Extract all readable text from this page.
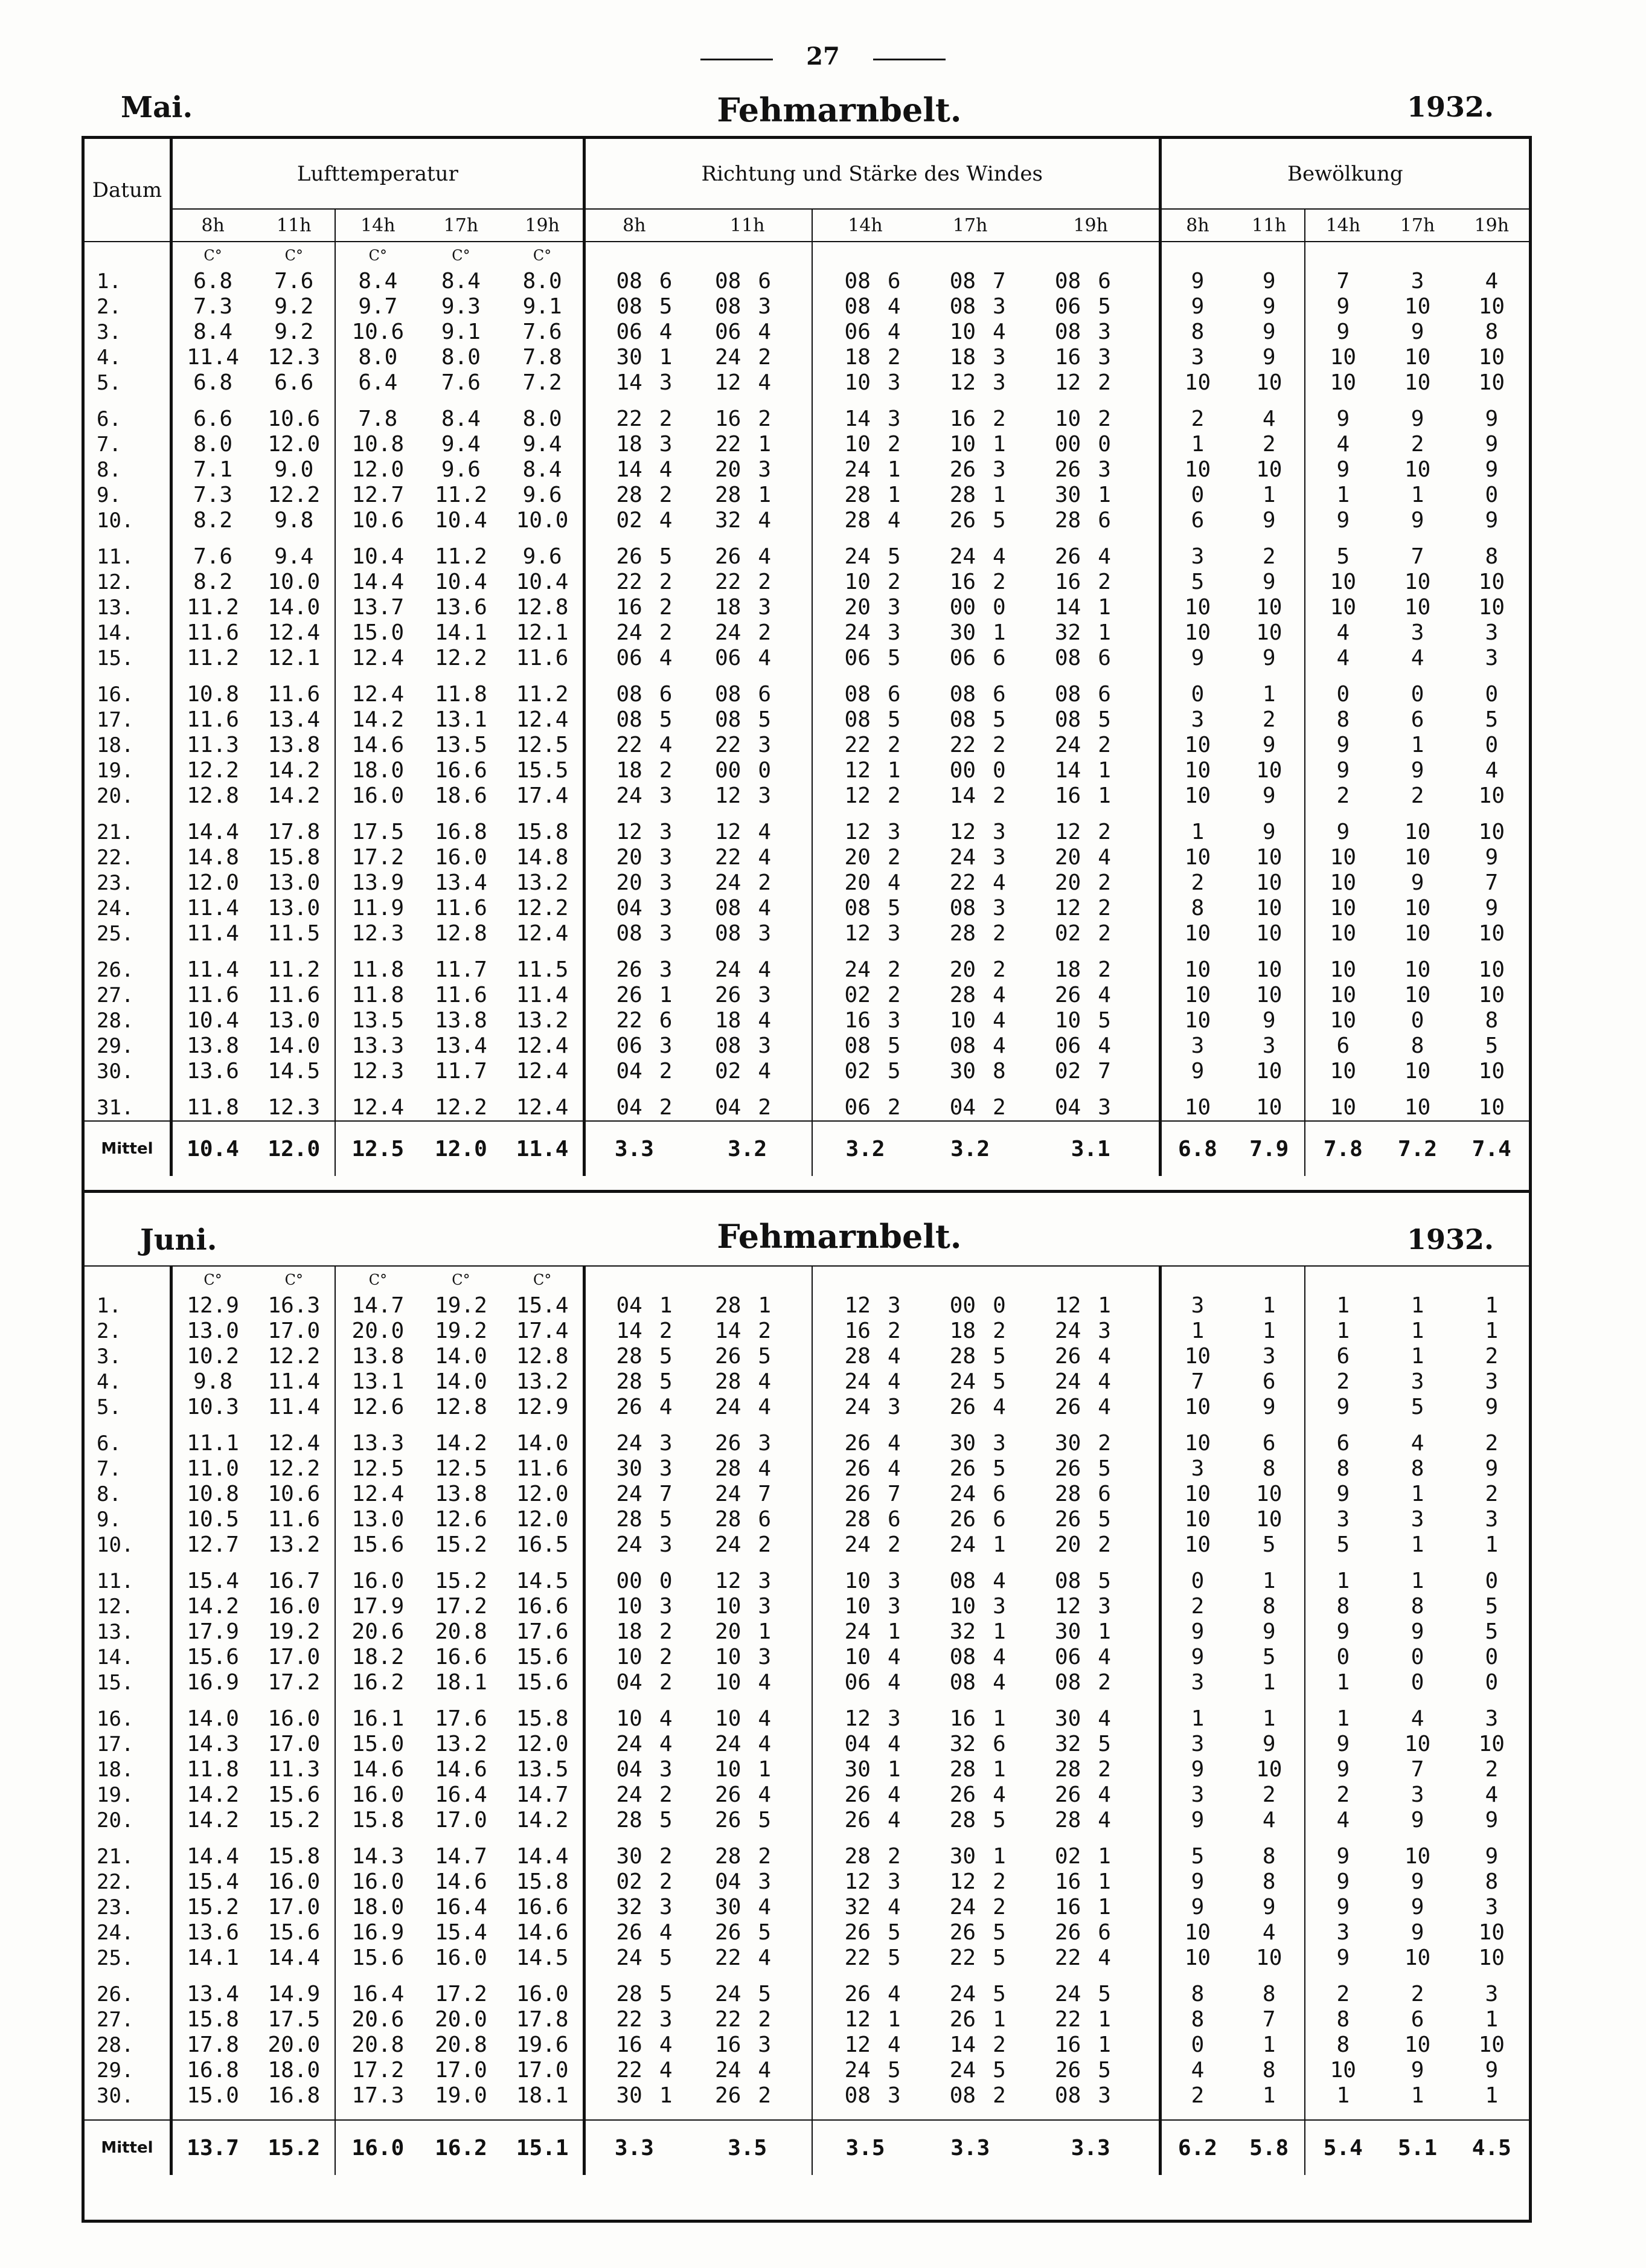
27
Mai.	Fehmarnbelt.	1932.
Datum	Lufttemperatur					Richtung und Stärke des Windes										Bewölkung				
	8h	11h	14h	17h	19h	8h		11h		14h		17h		19h		8h	11h	14h	17h	19h
	C°	C°	C°	C°	C°															
1.	6.8	7.6	8.4	8.4	8.0	08	6	08	6	08	6	08	7	08	6	9	9	7	3	4
2.	7.3	9.2	9.7	9.3	9.1	08	5	08	3	08	4	08	3	06	5	9	9	9	10	10
3.	8.4	9.2	10.6	9.1	7.6	06	4	06	4	06	4	10	4	08	3	8	9	9	9	8
4.	11.4	12.3	8.0	8.0	7.8	30	1	24	2	18	2	18	3	16	3	3	9	10	10	10
5.	6.8	6.6	6.4	7.6	7.2	14	3	12	4	10	3	12	3	12	2	10	10	10	10	10
6.	6.6	10.6	7.8	8.4	8.0	22	2	16	2	14	3	16	2	10	2	2	4	9	9	9
7.	8.0	12.0	10.8	9.4	9.4	18	3	22	1	10	2	10	1	00	0	1	2	4	2	9
8.	7.1	9.0	12.0	9.6	8.4	14	4	20	3	24	1	26	3	26	3	10	10	9	10	9
9.	7.3	12.2	12.7	11.2	9.6	28	2	28	1	28	1	28	1	30	1	0	1	1	1	0
10.	8.2	9.8	10.6	10.4	10.0	02	4	32	4	28	4	26	5	28	6	6	9	9	9	9
11.	7.6	9.4	10.4	11.2	9.6	26	5	26	4	24	5	24	4	26	4	3	2	5	7	8
12.	8.2	10.0	14.4	10.4	10.4	22	2	22	2	10	2	16	2	16	2	5	9	10	10	10
13.	11.2	14.0	13.7	13.6	12.8	16	2	18	3	20	3	00	0	14	1	10	10	10	10	10
14.	11.6	12.4	15.0	14.1	12.1	24	2	24	2	24	3	30	1	32	1	10	10	4	3	3
15.	11.2	12.1	12.4	12.2	11.6	06	4	06	4	06	5	06	6	08	6	9	9	4	4	3
16.	10.8	11.6	12.4	11.8	11.2	08	6	08	6	08	6	08	6	08	6	0	1	0	0	0
17.	11.6	13.4	14.2	13.1	12.4	08	5	08	5	08	5	08	5	08	5	3	2	8	6	5
18.	11.3	13.8	14.6	13.5	12.5	22	4	22	3	22	2	22	2	24	2	10	9	9	1	0
19.	12.2	14.2	18.0	16.6	15.5	18	2	00	0	12	1	00	0	14	1	10	10	9	9	4
20.	12.8	14.2	16.0	18.6	17.4	24	3	12	3	12	2	14	2	16	1	10	9	2	2	10
21.	14.4	17.8	17.5	16.8	15.8	12	3	12	4	12	3	12	3	12	2	1	9	9	10	10
22.	14.8	15.8	17.2	16.0	14.8	20	3	22	4	20	2	24	3	20	4	10	10	10	10	9
23.	12.0	13.0	13.9	13.4	13.2	20	3	24	2	20	4	22	4	20	2	2	10	10	9	7
24.	11.4	13.0	11.9	11.6	12.2	04	3	08	4	08	5	08	3	12	2	8	10	10	10	9
25.	11.4	11.5	12.3	12.8	12.4	08	3	08	3	12	3	28	2	02	2	10	10	10	10	10
26.	11.4	11.2	11.8	11.7	11.5	26	3	24	4	24	2	20	2	18	2	10	10	10	10	10
27.	11.6	11.6	11.8	11.6	11.4	26	1	26	3	02	2	28	4	26	4	10	10	10	10	10
28.	10.4	13.0	13.5	13.8	13.2	22	6	18	4	16	3	10	4	10	5	10	9	10	0	8
29.	13.8	14.0	13.3	13.4	12.4	06	3	08	3	08	5	08	4	06	4	3	3	6	8	5
30.	13.6	14.5	12.3	11.7	12.4	04	2	02	4	02	5	30	8	02	7	9	10	10	10	10
31.	11.8	12.3	12.4	12.2	12.4	04	2	04	2	06	2	04	2	04	3	10	10	10	10	10
Mittel	10.4	12.0	12.5	12.0	11.4	3.3		3.2		3.2		3.2		3.1		6.8	7.9	7.8	7.2	7.4
Juni.	Fehmarnbelt.	1932.
	C°	C°	C°	C°	C°															
1.	12.9	16.3	14.7	19.2	15.4	04	1	28	1	12	3	00	0	12	1	3	1	1	1	1
2.	13.0	17.0	20.0	19.2	17.4	14	2	14	2	16	2	18	2	24	3	1	1	1	1	1
3.	10.2	12.2	13.8	14.0	12.8	28	5	26	5	28	4	28	5	26	4	10	3	6	1	2
4.	9.8	11.4	13.1	14.0	13.2	28	5	28	4	24	4	24	5	24	4	7	6	2	3	3
5.	10.3	11.4	12.6	12.8	12.9	26	4	24	4	24	3	26	4	26	4	10	9	9	5	9
6.	11.1	12.4	13.3	14.2	14.0	24	3	26	3	26	4	30	3	30	2	10	6	6	4	2
7.	11.0	12.2	12.5	12.5	11.6	30	3	28	4	26	4	26	5	26	5	3	8	8	8	9
8.	10.8	10.6	12.4	13.8	12.0	24	7	24	7	26	7	24	6	28	6	10	10	9	1	2
9.	10.5	11.6	13.0	12.6	12.0	28	5	28	6	28	6	26	6	26	5	10	10	3	3	3
10.	12.7	13.2	15.6	15.2	16.5	24	3	24	2	24	2	24	1	20	2	10	5	5	1	1
11.	15.4	16.7	16.0	15.2	14.5	00	0	12	3	10	3	08	4	08	5	0	1	1	1	0
12.	14.2	16.0	17.9	17.2	16.6	10	3	10	3	10	3	10	3	12	3	2	8	8	8	5
13.	17.9	19.2	20.6	20.8	17.6	18	2	20	1	24	1	32	1	30	1	9	9	9	9	5
14.	15.6	17.0	18.2	16.6	15.6	10	2	10	3	10	4	08	4	06	4	9	5	0	0	0
15.	16.9	17.2	16.2	18.1	15.6	04	2	10	4	06	4	08	4	08	2	3	1	1	0	0
16.	14.0	16.0	16.1	17.6	15.8	10	4	10	4	12	3	16	1	30	4	1	1	1	4	3
17.	14.3	17.0	15.0	13.2	12.0	24	4	24	4	04	4	32	6	32	5	3	9	9	10	10
18.	11.8	11.3	14.6	14.6	13.5	04	3	10	1	30	1	28	1	28	2	9	10	9	7	2
19.	14.2	15.6	16.0	16.4	14.7	24	2	26	4	26	4	26	4	26	4	3	2	2	3	4
20.	14.2	15.2	15.8	17.0	14.2	28	5	26	5	26	4	28	5	28	4	9	4	4	9	9
21.	14.4	15.8	14.3	14.7	14.4	30	2	28	2	28	2	30	1	02	1	5	8	9	10	9
22.	15.4	16.0	16.0	14.6	15.8	02	2	04	3	12	3	12	2	16	1	9	8	9	9	8
23.	15.2	17.0	18.0	16.4	16.6	32	3	30	4	32	4	24	2	16	1	9	9	9	9	3
24.	13.6	15.6	16.9	15.4	14.6	26	4	26	5	26	5	26	5	26	6	10	4	3	9	10
25.	14.1	14.4	15.6	16.0	14.5	24	5	22	4	22	5	22	5	22	4	10	10	9	10	10
26.	13.4	14.9	16.4	17.2	16.0	28	5	24	5	26	4	24	5	24	5	8	8	2	2	3
27.	15.8	17.5	20.6	20.0	17.8	22	3	22	2	12	1	26	1	22	1	8	7	8	6	1
28.	17.8	20.0	20.8	20.8	19.6	16	4	16	3	12	4	14	2	16	1	0	1	8	10	10
29.	16.8	18.0	17.2	17.0	17.0	22	4	24	4	24	5	24	5	26	5	4	8	10	9	9
30.	15.0	16.8	17.3	19.0	18.1	30	1	26	2	08	3	08	2	08	3	2	1	1	1	1
Mittel	13.7	15.2	16.0	16.2	15.1	3.3		3.5		3.5		3.3		3.3		6.2	5.8	5.4	5.1	4.5
